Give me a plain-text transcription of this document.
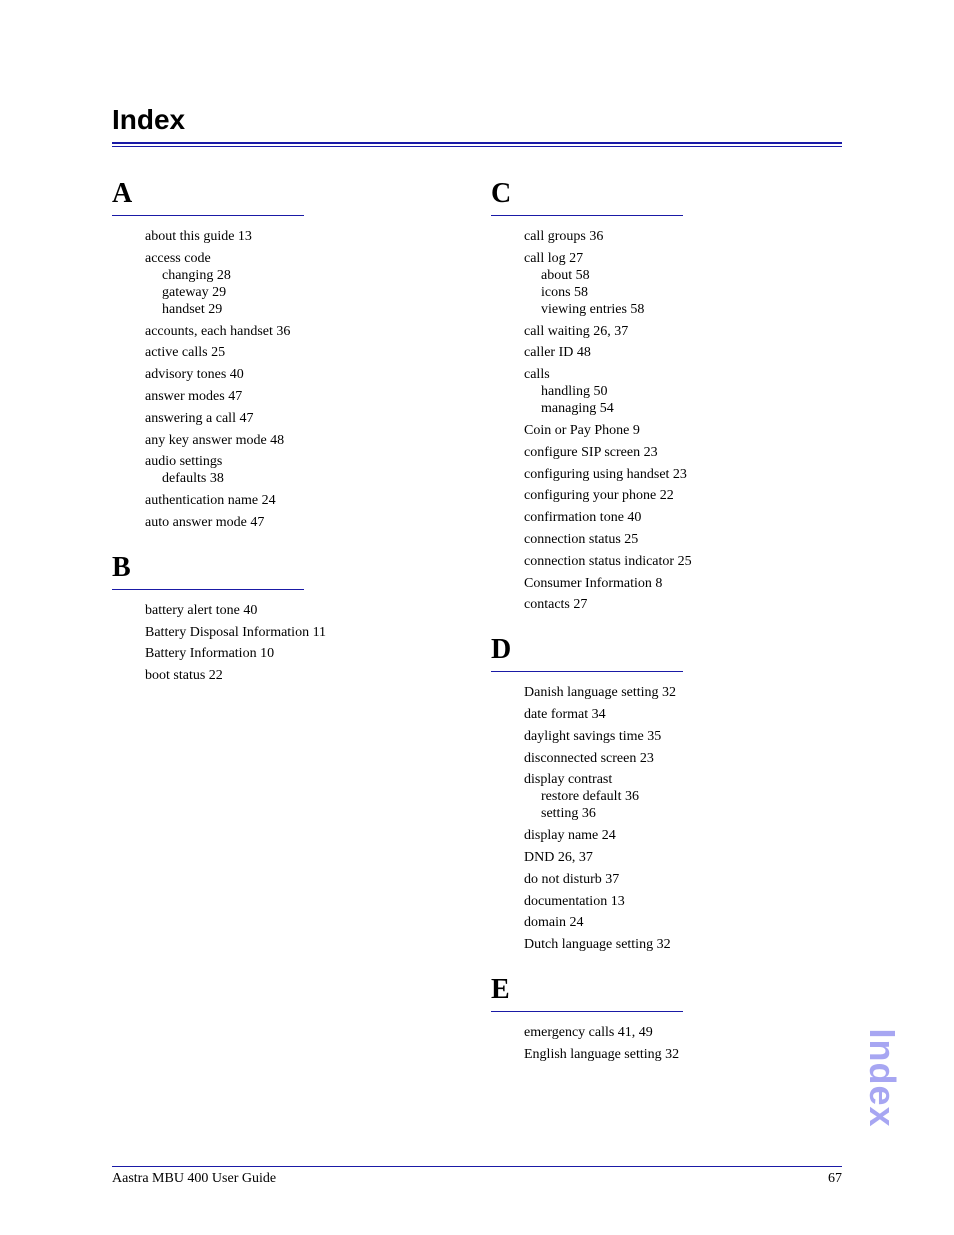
Index
A
about this guide 13
access code
changing 28
gateway 29
handset 29
accounts, each handset 36
active calls 25
advisory tones 40
answer modes 47
answering a call 47
any key answer mode 48
audio settings
defaults 38
authentication name 24
auto answer mode 47
B
battery alert tone 40
Battery Disposal Information 11
Battery Information 10
boot status 22
C
call groups 36
call log 27
about 58
icons 58
viewing entries 58
call waiting 26, 37
caller ID 48
calls
handling 50
managing 54
Coin or Pay Phone 9
configure SIP screen 23
configuring using handset 23
configuring your phone 22
confirmation tone 40
connection status 25
connection status indicator 25
Consumer Information 8
contacts 27
D
Danish language setting 32
date format 34
daylight savings time 35
disconnected screen 23
display contrast
restore default 36
setting 36
display name 24
DND 26, 37
do not disturb 37
documentation 13
domain 24
Dutch language setting 32
E
emergency calls 41, 49
English language setting 32	Index
Aastra MBU 400 User Guide	67
